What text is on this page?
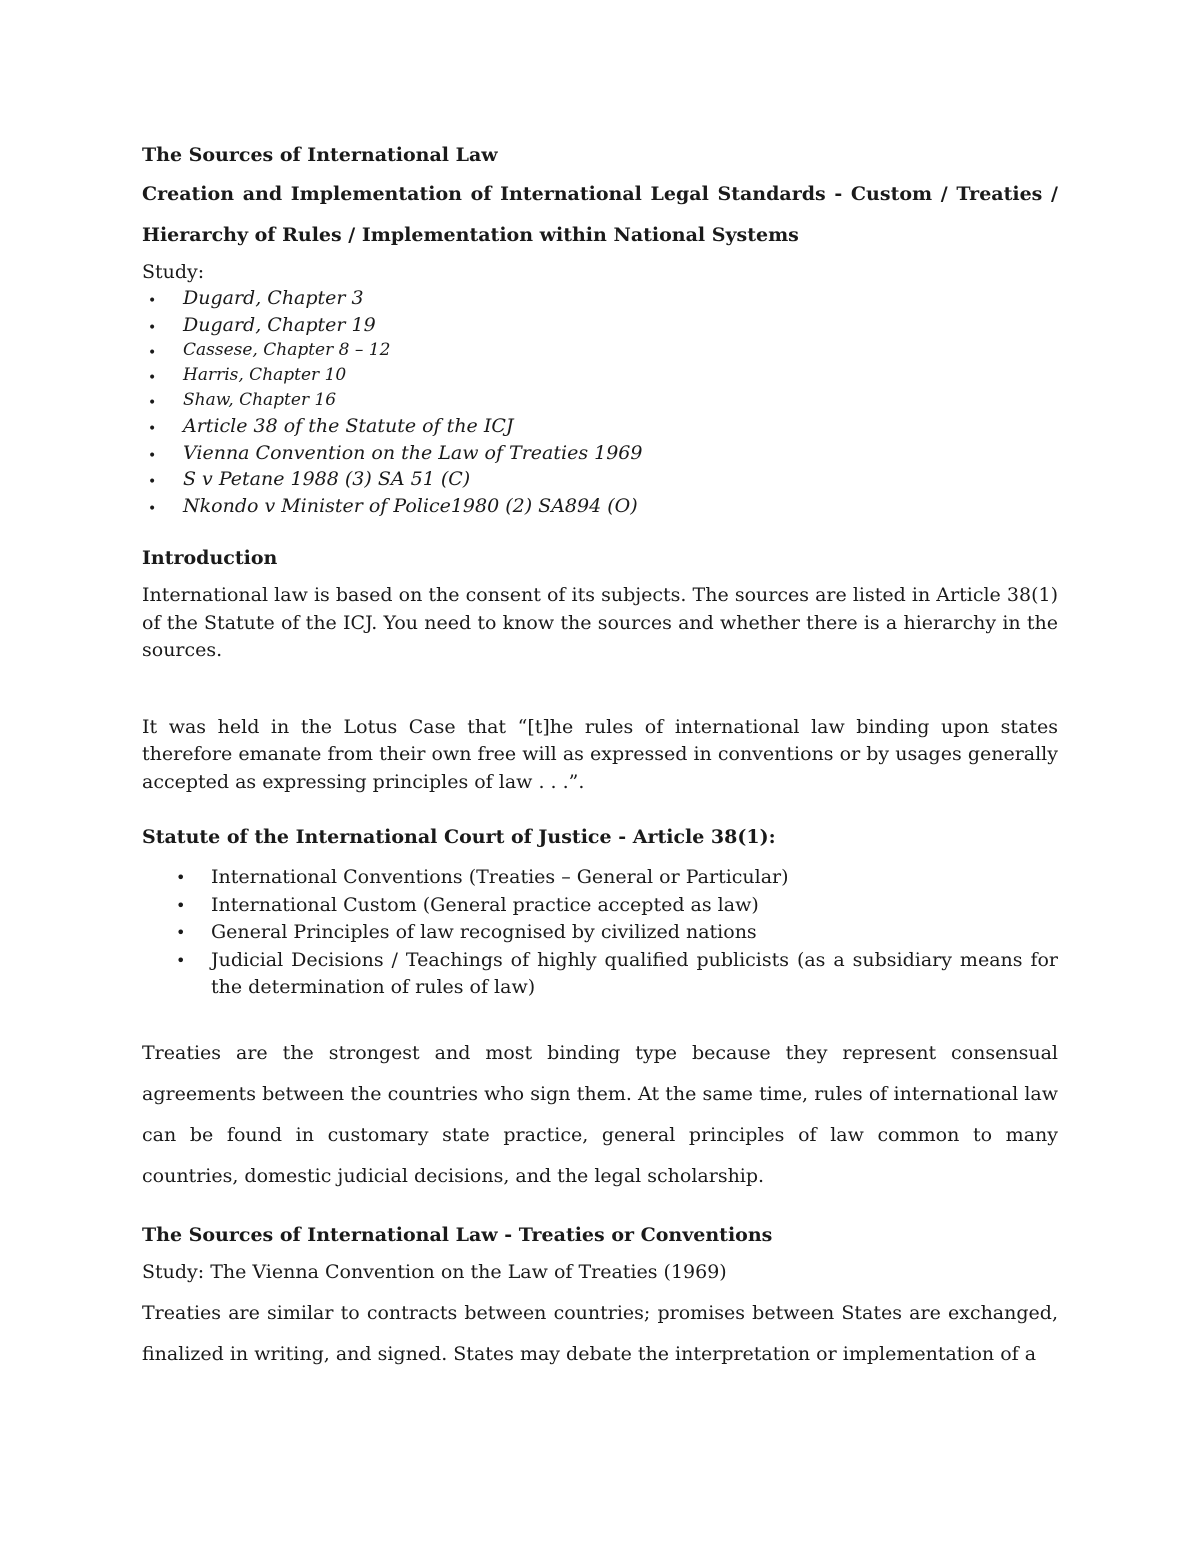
The Sources of International Law

Creation and Implementation of International Legal Standards - Custom / Treaties / Hierarchy of Rules / Implementation within National Systems

Study:

• Dugard, Chapter 3
• Dugard, Chapter 19
• Cassese, Chapter 8 – 12
• Harris, Chapter 10
• Shaw, Chapter 16
• Article 38 of the Statute of the ICJ
• Vienna Convention on the Law of Treaties 1969
• S v Petane 1988 (3) SA 51 (C)
• Nkondo v Minister of Police1980 (2) SA894 (O)

Introduction

International law is based on the consent of its subjects. The sources are listed in Article 38(1) of the Statute of the ICJ. You need to know the sources and whether there is a hierarchy in the sources.

It was held in the Lotus Case that “[t]he rules of international law binding upon states therefore emanate from their own free will as expressed in conventions or by usages generally accepted as expressing principles of law . . .”.

Statute of the International Court of Justice - Article 38(1):

• International Conventions (Treaties – General or Particular)
• International Custom (General practice accepted as law)
• General Principles of law recognised by civilized nations
• Judicial Decisions / Teachings of highly qualified publicists (as a subsidiary means for the determination of rules of law)

Treaties are the strongest and most binding type because they represent consensual agreements between the countries who sign them. At the same time, rules of international law can be found in customary state practice, general principles of law common to many countries, domestic judicial decisions, and the legal scholarship.

The Sources of International Law - Treaties or Conventions

Study: The Vienna Convention on the Law of Treaties (1969)

Treaties are similar to contracts between countries; promises between States are exchanged, finalized in writing, and signed. States may debate the interpretation or implementation of a
